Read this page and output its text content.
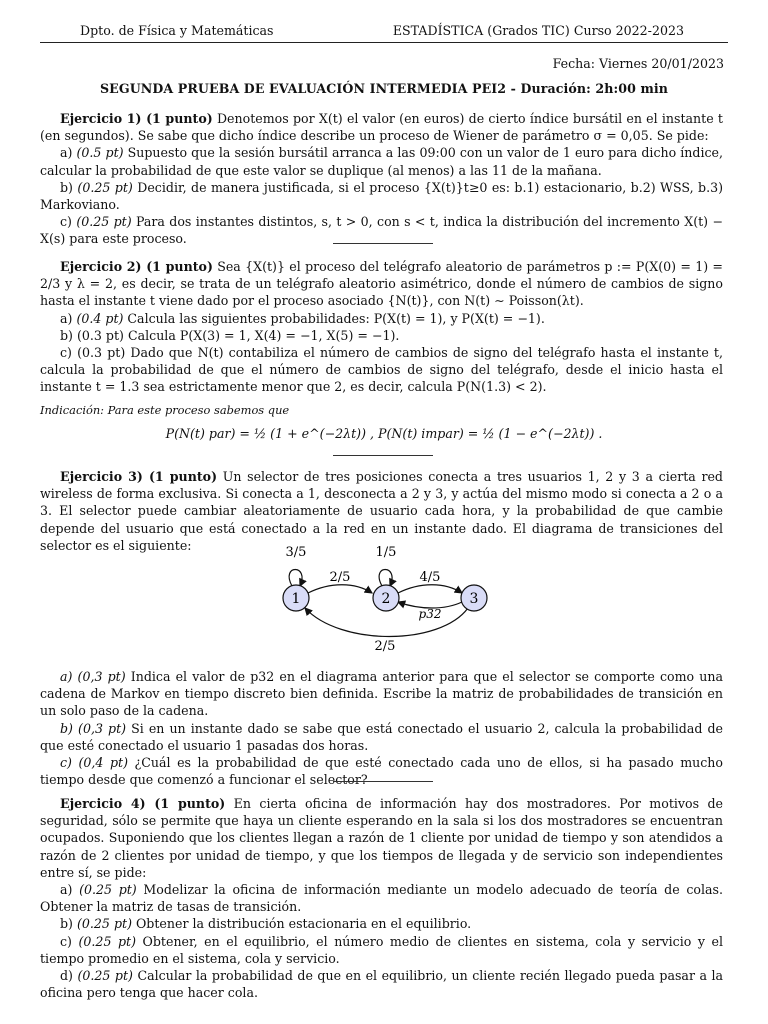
Dpto. de Física y Matemáticas	ESTADÍSTICA (Grados TIC) Curso 2022-2023
Fecha: Viernes 20/01/2023
SEGUNDA PRUEBA DE EVALUACIÓN INTERMEDIA PEI2 - Duración: 2h:00 min

Ejercicio 1) (1 punto) Denotemos por X(t) el valor (en euros) de cierto índice bursátil en el instante t (en segundos). Se sabe que dicho índice describe un proceso de Wiener de parámetro σ = 0,05. Se pide:

a) (0.5 pt) Supuesto que la sesión bursátil arranca a las 09:00 con un valor de 1 euro para dicho índice, calcular la probabilidad de que este valor se duplique (al menos) a las 11 de la mañana.

b) (0.25 pt) Decidir, de manera justificada, si el proceso {X(t)}t≥0 es: b.1) estacionario, b.2) WSS, b.3) Markoviano.

c) (0.25 pt) Para dos instantes distintos, s, t > 0, con s < t, indica la distribución del incremento X(t) − X(s) para este proceso.

Ejercicio 2) (1 punto) Sea {X(t)} el proceso del telégrafo aleatorio de parámetros p := P(X(0) = 1) = 2/3 y λ = 2, es decir, se trata de un telégrafo aleatorio asimétrico, donde el número de cambios de signo hasta el instante t viene dado por el proceso asociado {N(t)}, con N(t) ∼ Poisson(λt).

a) (0.4 pt) Calcula las siguientes probabilidades: P(X(t) = 1), y P(X(t) = −1).

b) (0.3 pt) Calcula P(X(3) = 1, X(4) = −1, X(5) = −1).

c) (0.3 pt) Dado que N(t) contabiliza el número de cambios de signo del telégrafo hasta el instante t, calcula la probabilidad de que el número de cambios de signo del telégrafo, desde el inicio hasta el instante t = 1.3 sea estrictamente menor que 2, es decir, calcula P(N(1.3) < 2).

Indicación: Para este proceso sabemos que

P(N(t) par) = ½ (1 + e^(−2λt)) , P(N(t) impar) = ½ (1 − e^(−2λt)) .

Ejercicio 3) (1 punto) Un selector de tres posiciones conecta a tres usuarios 1, 2 y 3 a cierta red wireless de forma exclusiva. Si conecta a 1, desconecta a 2 y 3, y actúa del mismo modo si conecta a 2 o a 3. El selector puede cambiar aleatoriamente de usuario cada hora, y la probabilidad de que cambie depende del usuario que está conectado a la red en un instante dado. El diagrama de transiciones del selector es el siguiente:

1	2	3
3/5	1/5
2/5	4/5
p32
2/5

a) (0,3 pt) Indica el valor de p32 en el diagrama anterior para que el selector se comporte como una cadena de Markov en tiempo discreto bien definida. Escribe la matriz de probabilidades de transición en un solo paso de la cadena.

b) (0,3 pt) Si en un instante dado se sabe que está conectado el usuario 2, calcula la probabilidad de que esté conectado el usuario 1 pasadas dos horas.

c) (0,4 pt) ¿Cuál es la probabilidad de que esté conectado cada uno de ellos, si ha pasado mucho tiempo desde que comenzó a funcionar el selector?

Ejercicio 4) (1 punto) En cierta oficina de información hay dos mostradores. Por motivos de seguridad, sólo se permite que haya un cliente esperando en la sala si los dos mostradores se encuentran ocupados. Suponiendo que los clientes llegan a razón de 1 cliente por unidad de tiempo y son atendidos a razón de 2 clientes por unidad de tiempo, y que los tiempos de llegada y de servicio son independientes entre sí, se pide:

a) (0.25 pt) Modelizar la oficina de información mediante un modelo adecuado de teoría de colas. Obtener la matriz de tasas de transición.

b) (0.25 pt) Obtener la distribución estacionaria en el equilibrio.

c) (0.25 pt) Obtener, en el equilibrio, el número medio de clientes en sistema, cola y servicio y el tiempo promedio en el sistema, cola y servicio.

d) (0.25 pt) Calcular la probabilidad de que en el equilibrio, un cliente recién llegado pueda pasar a la oficina pero tenga que hacer cola.
